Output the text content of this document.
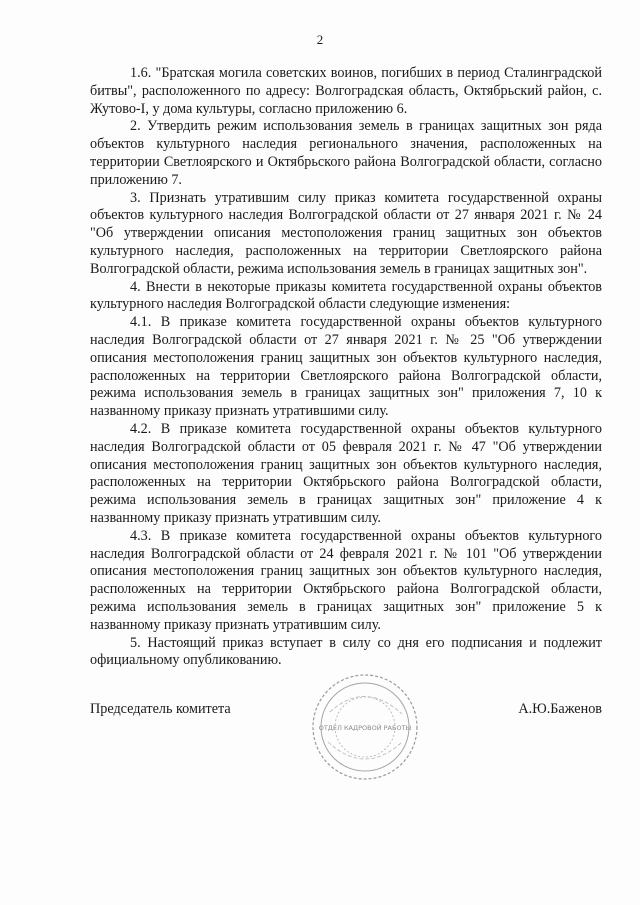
2

1.6. "Братская могила советских воинов, погибших в период Сталинградской битвы", расположенного по адресу: Волгоградская область, Октябрьский район, с. Жутово-I, у дома культуры, согласно приложению 6.

2. Утвердить режим использования земель в границах защитных зон ряда объектов культурного наследия регионального значения, расположенных на территории Светлоярского и Октябрьского района Волгоградской области, согласно приложению 7.

3. Признать утратившим силу приказ комитета государственной охраны объектов культурного наследия Волгоградской области от 27 января 2021 г. № 24 "Об утверждении описания местоположения границ защитных зон объектов культурного наследия, расположенных на территории Светлоярского района Волгоградской области, режима использования земель в границах защитных зон".

4. Внести в некоторые приказы комитета государственной охраны объектов культурного наследия Волгоградской области следующие изменения:

4.1. В приказе комитета государственной охраны объектов культурного наследия Волгоградской области от 27 января 2021 г. № 25 "Об утверждении описания местоположения границ защитных зон объектов культурного наследия, расположенных на территории Светлоярского района Волгоградской области, режима использования земель в границах защитных зон" приложения 7, 10 к названному приказу признать утратившими силу.

4.2. В приказе комитета государственной охраны объектов культурного наследия Волгоградской области от 05 февраля 2021 г. № 47 "Об утверждении описания местоположения границ защитных зон объектов культурного наследия, расположенных на территории Октябрьского района Волгоградской области, режима использования земель в границах защитных зон" приложение 4 к названному приказу признать утратившим силу.

4.3. В приказе комитета государственной охраны объектов культурного наследия Волгоградской области от 24 февраля 2021 г. № 101 "Об утверждении описания местоположения границ защитных зон объектов культурного наследия, расположенных на территории Октябрьского района Волгоградской области, режима использования земель в границах защитных зон" приложение 5 к названному приказу признать утратившим силу.

5. Настоящий приказ вступает в силу со дня его подписания и подлежит официальному опубликованию.

ОТДЕЛ КАДРОВОЙ РАБОТЫ
Председатель комитета	А.Ю.Баженов
